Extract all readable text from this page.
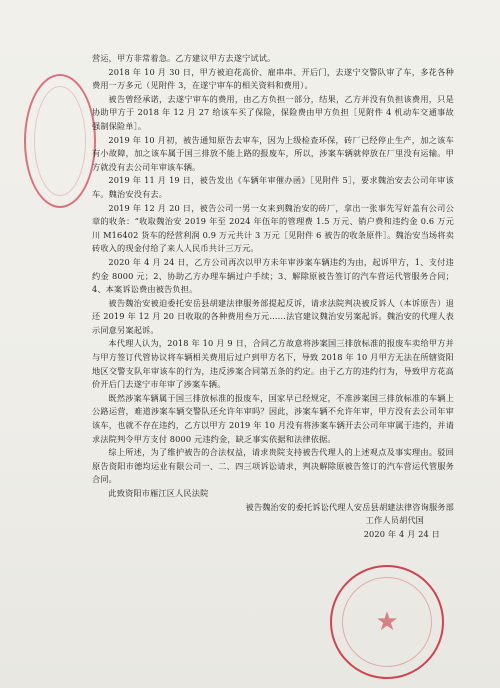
营运，甲方非常着急。乙方建议甲方去遂宁试试。

2018 年 10 月 30 日，甲方被迫花高价、雇串串、开后门，去遂宁交警队审了车，多花各种费用一万多元（见附件 3，在遂宁审车的相关资料和费用）。

被告曾经承诺，去遂宁审车的费用，由乙方负担一部分，结果，乙方并没有负担该费用，只是协助甲方于 2018 年 12 月 27 给该车买了保险，保险费由甲方负担［见附件 4 机动车交通事故强制保险单］。

2019 年 10 月初，被告通知原告去审车，因为上级检查环保，砖厂已经停止生产，加之该车有小故障，加之该车属于国三排放不能上路的报废车，所以，涉案车辆就停放在厂里没有运输。甲方就没有去公司年审该车辆。

2019 年 11 月 19 日，被告发出《车辆年审催办函》［见附件 5］，要求魏治安去公司年审该车。魏治安没有去。

2019 年 12 月 20 日，被告公司一男一女来到魏治安的砖厂，拿出一张事先写好盖有公司公章的收条：“收取魏治安 2019 年至 2024 年伍年的管理费 1.5 万元、销户费和违约金 0.6 万元川 M16402 货车的经营利润 0.9 万元共计 3 万元［见附件 6 被告的收条原件］。魏治安当场将卖砖收入的现金付给了来人人民币共计三万元。

2020 年 4 月 24 日，乙方公司再次以甲方未年审涉案车辆违约为由，起诉甲方，1、支付违约金 8000 元；2、协助乙方办理车辆过户手续；3、解除原被告签订的汽车营运代管服务合同；4、本案诉讼费由被告负担。

被告魏治安被迫委托安岳县胡建法律服务部提起反诉，请求法院判决被反诉人（本诉原告）退还 2019 年 12 月 20 日收取的各种费用叁万元……法官建议魏治安另案起诉。魏治安的代理人表示同意另案起诉。

本代理人认为，2018 年 10 月 9 日，合同乙方故意将涉案国三排放标准的报废车卖给甲方并与甲方签订代管协议将车辆相关费用后过户到甲方名下，导致 2018 年 10 月甲方无法在所辖资阳地区交警支队年审该车的行为，违反涉案合同第五条的约定。由于乙方的违约行为，导致甲方花高价开后门去遂宁市年审了涉案车辆。

既然涉案车辆属于国三排放标准的报废车，国家早已经规定，不准涉案国三排放标准的车辆上公路运营，难道涉案车辆交警队还允许年审吗？因此，涉案车辆不允许年审，甲方没有去公司年审该车，也就不存在违约，乙方以甲方 2019 年 10 月没有将涉案车辆开去公司年审属于违约，并请求法院判令甲方支付 8000 元违约金，缺乏事实依据和法律依据。

综上所述，为了维护被告的合法权益，请求贵院支持被告代理人的上述观点及事实理由。驳回原告资阳市德均运业有限公司一、二、四三项诉讼请求，判决解除原被告签订的汽车营运代管服务合同。

此致资阳市雁江区人民法院

被告魏治安的委托诉讼代理人安岳县胡建法律咨询服务部

工作人员胡代国

2020 年 4 月 24 日

★
